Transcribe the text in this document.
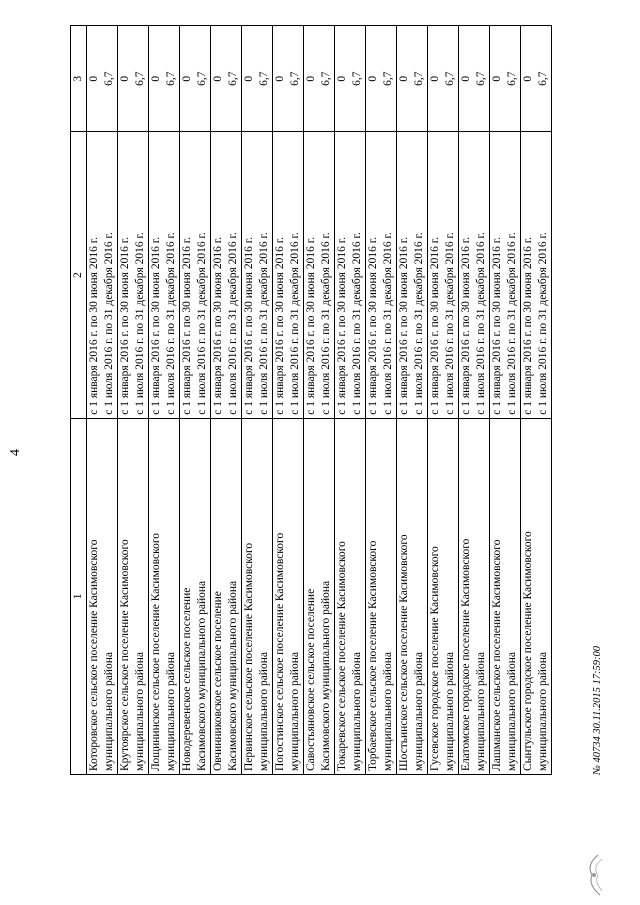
4
1	2	3

Котоpовское сельское поселение Касимовского муниципального района	с 1 января 2016 г. по 30 июня 2016 г. с 1 июля 2016 г. по 31 декабря 2016 г.	0 6,7

Крутоярское сельское поселение Касимовского муниципального района	с 1 января 2016 г. по 30 июня 2016 г. с 1 июля 2016 г. по 31 декабря 2016 г.	0 6,7

Лощининское сельское поселение Касимовского муниципального района	с 1 января 2016 г. по 30 июня 2016 г. с 1 июля 2016 г. по 31 декабря 2016 г.	0 6,7

Новодеревенское сельское поселение Касимовского муниципального района	с 1 января 2016 г. по 30 июня 2016 г. с 1 июля 2016 г. по 31 декабря 2016 г.	0 6,7

Овчинниковское сельское поселение Касимовского муниципального района	с 1 января 2016 г. по 30 июня 2016 г. с 1 июля 2016 г. по 31 декабря 2016 г.	0 6,7

Первинское сельское поселение Касимовского муниципального района	с 1 января 2016 г. по 30 июня 2016 г. с 1 июля 2016 г. по 31 декабря 2016 г.	0 6,7

Погостинское сельское поселение Касимовского муниципального района	с 1 января 2016 г. по 30 июня 2016 г. с 1 июля 2016 г. по 31 декабря 2016 г.	0 6,7

Савостьяновское сельское поселение Касимовского муниципального района	с 1 января 2016 г. по 30 июня 2016 г. с 1 июля 2016 г. по 31 декабря 2016 г.	0 6,7

Токаревское сельское поселение Касимовского муниципального района	с 1 января 2016 г. по 30 июня 2016 г. с 1 июля 2016 г. по 31 декабря 2016 г.	0 6,7

Торбаевское сельское поселение Касимовского муниципального района	с 1 января 2016 г. по 30 июня 2016 г. с 1 июля 2016 г. по 31 декабря 2016 г.	0 6,7

Шостьинское сельское поселение Касимовского муниципального района	с 1 января 2016 г. по 30 июня 2016 г. с 1 июля 2016 г. по 31 декабря 2016 г.	0 6,7

Гусевское городское поселение Касимовского муниципального района	с 1 января 2016 г. по 30 июня 2016 г. с 1 июля 2016 г. по 31 декабря 2016 г.	0 6,7

Елатомское городское поселение Касимовского муниципального района	с 1 января 2016 г. по 30 июня 2016 г. с 1 июля 2016 г. по 31 декабря 2016 г.	0 6,7

Лашманское сельское поселение Касимовского муниципального района	с 1 января 2016 г. по 30 июня 2016 г. с 1 июля 2016 г. по 31 декабря 2016 г.	0 6,7

Сынтульское городское поселение Касимовского муниципального района	с 1 января 2016 г. по 30 июня 2016 г. с 1 июля 2016 г. по 31 декабря 2016 г.	0 6,7
№ 40734 30.11.2015 17:59:00
